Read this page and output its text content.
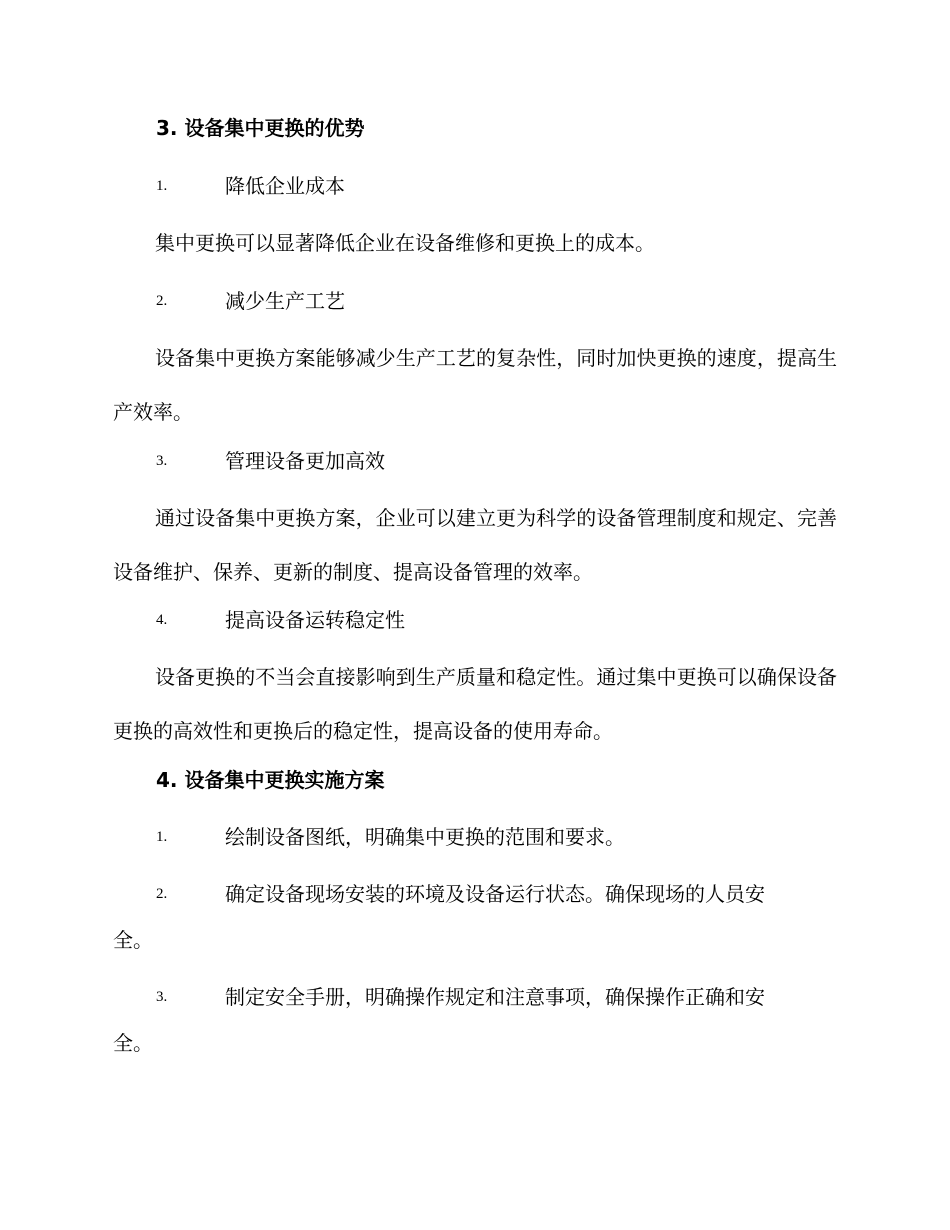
3. 设备集中更换的优势
1.	降低企业成本
集中更换可以显著降低企业在设备维修和更换上的成本。
2.	减少生产工艺
设备集中更换方案能够减少生产工艺的复杂性，同时加快更换的速度，提高生产效率。
3.	管理设备更加高效
通过设备集中更换方案，企业可以建立更为科学的设备管理制度和规定、完善设备维护、保养、更新的制度、提高设备管理的效率。
4.	提高设备运转稳定性
设备更换的不当会直接影响到生产质量和稳定性。通过集中更换可以确保设备更换的高效性和更换后的稳定性，提高设备的使用寿命。
4. 设备集中更换实施方案
1.	绘制设备图纸，明确集中更换的范围和要求。
2.	确定设备现场安装的环境及设备运行状态。确保现场的人员安
全。
3.	制定安全手册，明确操作规定和注意事项，确保操作正确和安
全。
